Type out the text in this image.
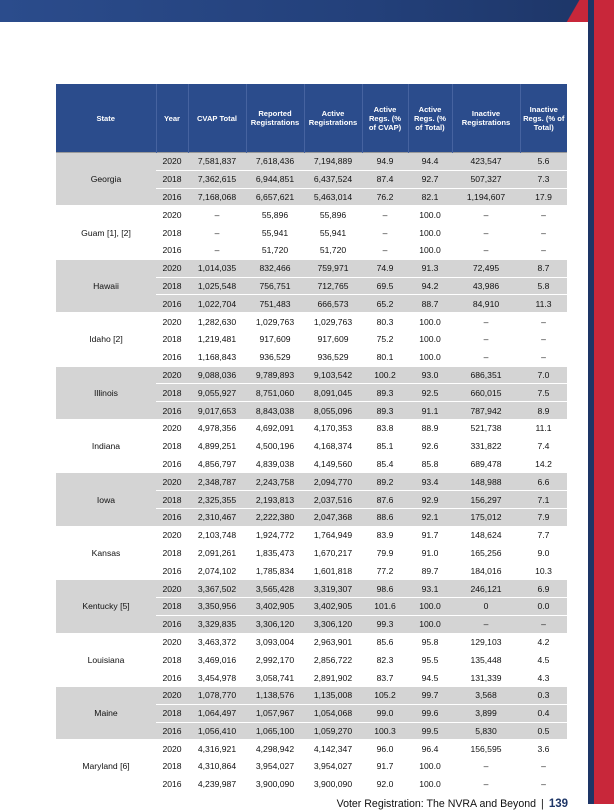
State	Year	CVAP Total	Reported Registrations	Active Registrations	Active Regs. (% of CVAP)	Active Regs. (% of Total)	Inactive Registrations	Inactive Regs. (% of Total)
Georgia	2020	7,581,837	7,618,436	7,194,889	94.9	94.4	423,547	5.6
	2018	7,362,615	6,944,851	6,437,524	87.4	92.7	507,327	7.3
	2016	7,168,068	6,657,621	5,463,014	76.2	82.1	1,194,607	17.9
Guam [1], [2]	2020	–	55,896	55,896	–	100.0	–	–
	2018	–	55,941	55,941	–	100.0	–	–
	2016	–	51,720	51,720	–	100.0	–	–
Hawaii	2020	1,014,035	832,466	759,971	74.9	91.3	72,495	8.7
	2018	1,025,548	756,751	712,765	69.5	94.2	43,986	5.8
	2016	1,022,704	751,483	666,573	65.2	88.7	84,910	11.3
Idaho [2]	2020	1,282,630	1,029,763	1,029,763	80.3	100.0	–	–
	2018	1,219,481	917,609	917,609	75.2	100.0	–	–
	2016	1,168,843	936,529	936,529	80.1	100.0	–	–
Illinois	2020	9,088,036	9,789,893	9,103,542	100.2	93.0	686,351	7.0
	2018	9,055,927	8,751,060	8,091,045	89.3	92.5	660,015	7.5
	2016	9,017,653	8,843,038	8,055,096	89.3	91.1	787,942	8.9
Indiana	2020	4,978,356	4,692,091	4,170,353	83.8	88.9	521,738	11.1
	2018	4,899,251	4,500,196	4,168,374	85.1	92.6	331,822	7.4
	2016	4,856,797	4,839,038	4,149,560	85.4	85.8	689,478	14.2
Iowa	2020	2,348,787	2,243,758	2,094,770	89.2	93.4	148,988	6.6
	2018	2,325,355	2,193,813	2,037,516	87.6	92.9	156,297	7.1
	2016	2,310,467	2,222,380	2,047,368	88.6	92.1	175,012	7.9
Kansas	2020	2,103,748	1,924,772	1,764,949	83.9	91.7	148,624	7.7
	2018	2,091,261	1,835,473	1,670,217	79.9	91.0	165,256	9.0
	2016	2,074,102	1,785,834	1,601,818	77.2	89.7	184,016	10.3
Kentucky [5]	2020	3,367,502	3,565,428	3,319,307	98.6	93.1	246,121	6.9
	2018	3,350,956	3,402,905	3,402,905	101.6	100.0	0	0.0
	2016	3,329,835	3,306,120	3,306,120	99.3	100.0	–	–
Louisiana	2020	3,463,372	3,093,004	2,963,901	85.6	95.8	129,103	4.2
	2018	3,469,016	2,992,170	2,856,722	82.3	95.5	135,448	4.5
	2016	3,454,978	3,058,741	2,891,902	83.7	94.5	131,339	4.3
Maine	2020	1,078,770	1,138,576	1,135,008	105.2	99.7	3,568	0.3
	2018	1,064,497	1,057,967	1,054,068	99.0	99.6	3,899	0.4
	2016	1,056,410	1,065,100	1,059,270	100.3	99.5	5,830	0.5
Maryland [6]	2020	4,316,921	4,298,942	4,142,347	96.0	96.4	156,595	3.6
	2018	4,310,864	3,954,027	3,954,027	91.7	100.0	–	–
	2016	4,239,987	3,900,090	3,900,090	92.0	100.0	–	–
Voter Registration: The NVRA and Beyond | 139
